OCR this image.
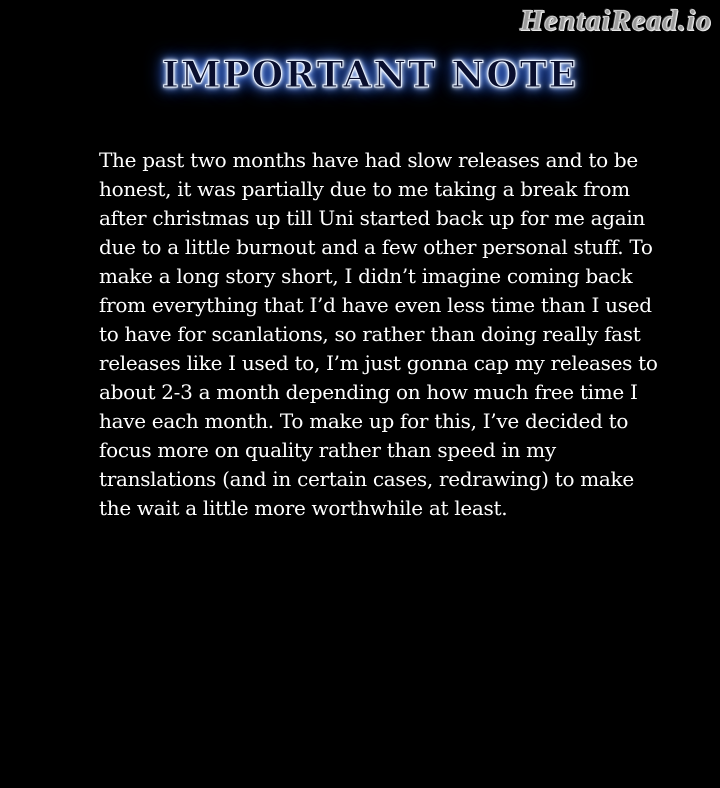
HentaiRead.io
IMPORTANT NOTE

The past two months have had slow releases and to be honest, it was partially due to me taking a break from after christmas up till Uni started back up for me again due to a little burnout and a few other personal stuff. To make a long story short, I didn’t imagine coming back from everything that I’d have even less time than I used to have for scanlations, so rather than doing really fast releases like I used to, I’m just gonna cap my releases to about 2-3 a month depending on how much free time I have each month. To make up for this, I’ve decided to focus more on quality rather than speed in my translations (and in certain cases, redrawing) to make the wait a little more worthwhile at least.
